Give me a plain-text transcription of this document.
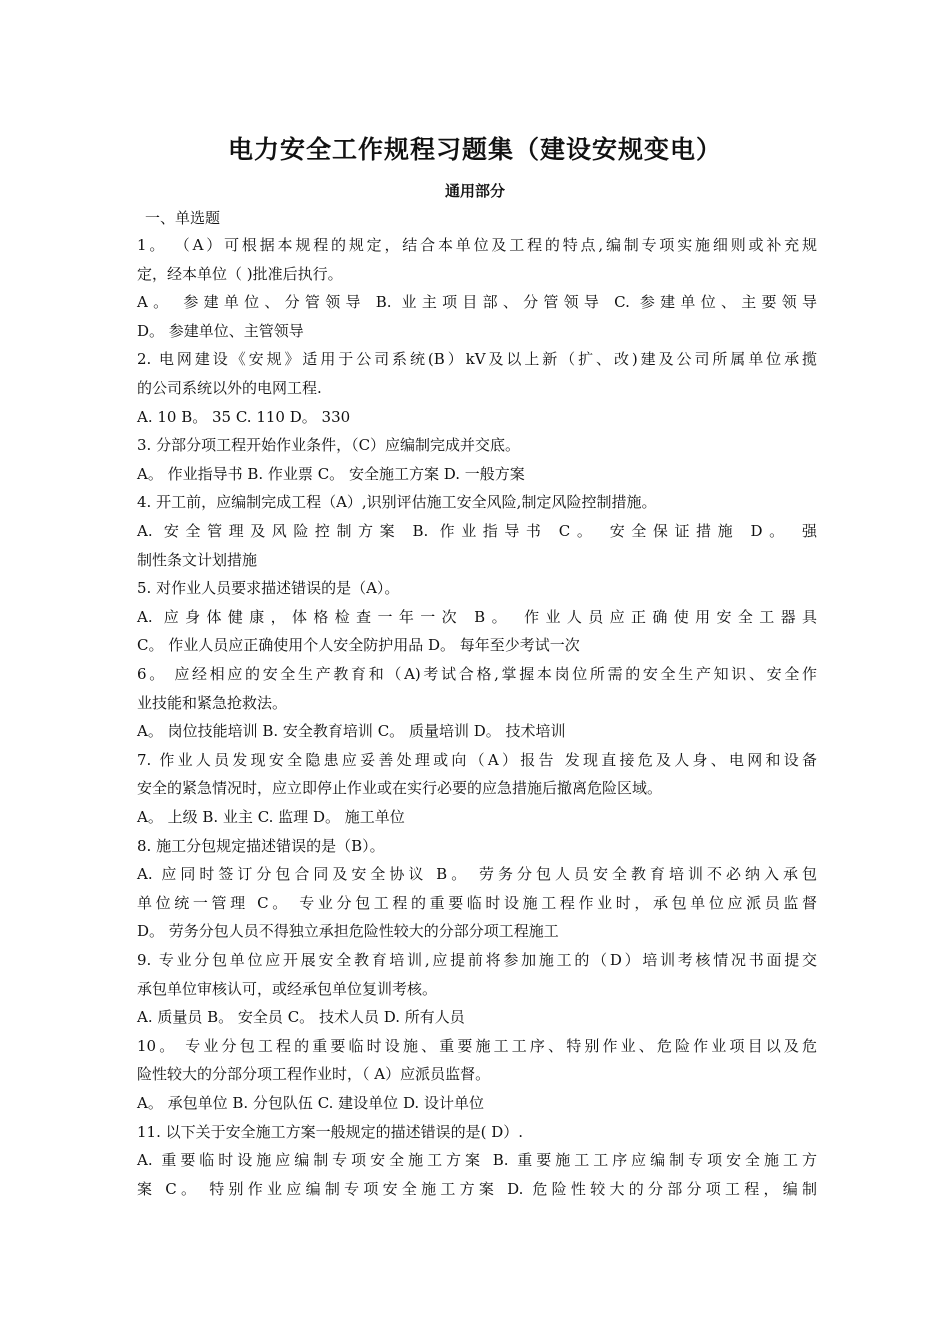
电力安全工作规程习题集（建设安规变电）
通用部分
一、单选题
1。 （A）可根据本规程的规定，结合本单位及工程的特点,编制专项实施细则或补充规
定，经本单位（ )批准后执行。
A。 参建单位、分管领导 B. 业主项目部、分管领导 C. 参建单位、主要领导
D。 参建单位、主管领导
2. 电网建设《安规》适用于公司系统(B）kV及以上新（扩、改)建及公司所属单位承揽
的公司系统以外的电网工程.
A. 10 B。 35 C. 110 D。 330
3. 分部分项工程开始作业条件，（C）应编制完成并交底。
A。 作业指导书 B. 作业票 C。 安全施工方案 D. 一般方案
4. 开工前，应编制完成工程（A）,识别评估施工安全风险,制定风险控制措施。
A. 安全管理及风险控制方案 B. 作业指导书 C。 安全保证措施 D。 强
制性条文计划措施
5. 对作业人员要求描述错误的是（A）。
A. 应身体健康，体格检查一年一次 B。 作业人员应正确使用安全工器具
C。 作业人员应正确使用个人安全防护用品 D。 每年至少考试一次
6。 应经相应的安全生产教育和（A)考试合格,掌握本岗位所需的安全生产知识、安全作
业技能和紧急抢救法。
A。 岗位技能培训 B. 安全教育培训 C。 质量培训 D。 技术培训
7. 作业人员发现安全隐患应妥善处理或向（A）报告 发现直接危及人身、电网和设备
安全的紧急情况时，应立即停止作业或在实行必要的应急措施后撤离危险区域。
A。 上级 B. 业主 C. 监理 D。 施工单位
8. 施工分包规定描述错误的是（B）。
A. 应同时签订分包合同及安全协议 B。 劳务分包人员安全教育培训不必纳入承包
单位统一管理 C。 专业分包工程的重要临时设施工程作业时，承包单位应派员监督
D。 劳务分包人员不得独立承担危险性较大的分部分项工程施工
9. 专业分包单位应开展安全教育培训,应提前将参加施工的（D）培训考核情况书面提交
承包单位审核认可，或经承包单位复训考核。
A. 质量员 B。 安全员 C。 技术人员 D. 所有人员
10。 专业分包工程的重要临时设施、重要施工工序、特别作业、危险作业项目以及危
险性较大的分部分项工程作业时，（ A）应派员监督。
A。 承包单位 B. 分包队伍 C. 建设单位 D. 设计单位
11. 以下关于安全施工方案一般规定的描述错误的是( D）.
A. 重要临时设施应编制专项安全施工方案 B. 重要施工工序应编制专项安全施工方
案 C。 特别作业应编制专项安全施工方案 D. 危险性较大的分部分项工程，编制
